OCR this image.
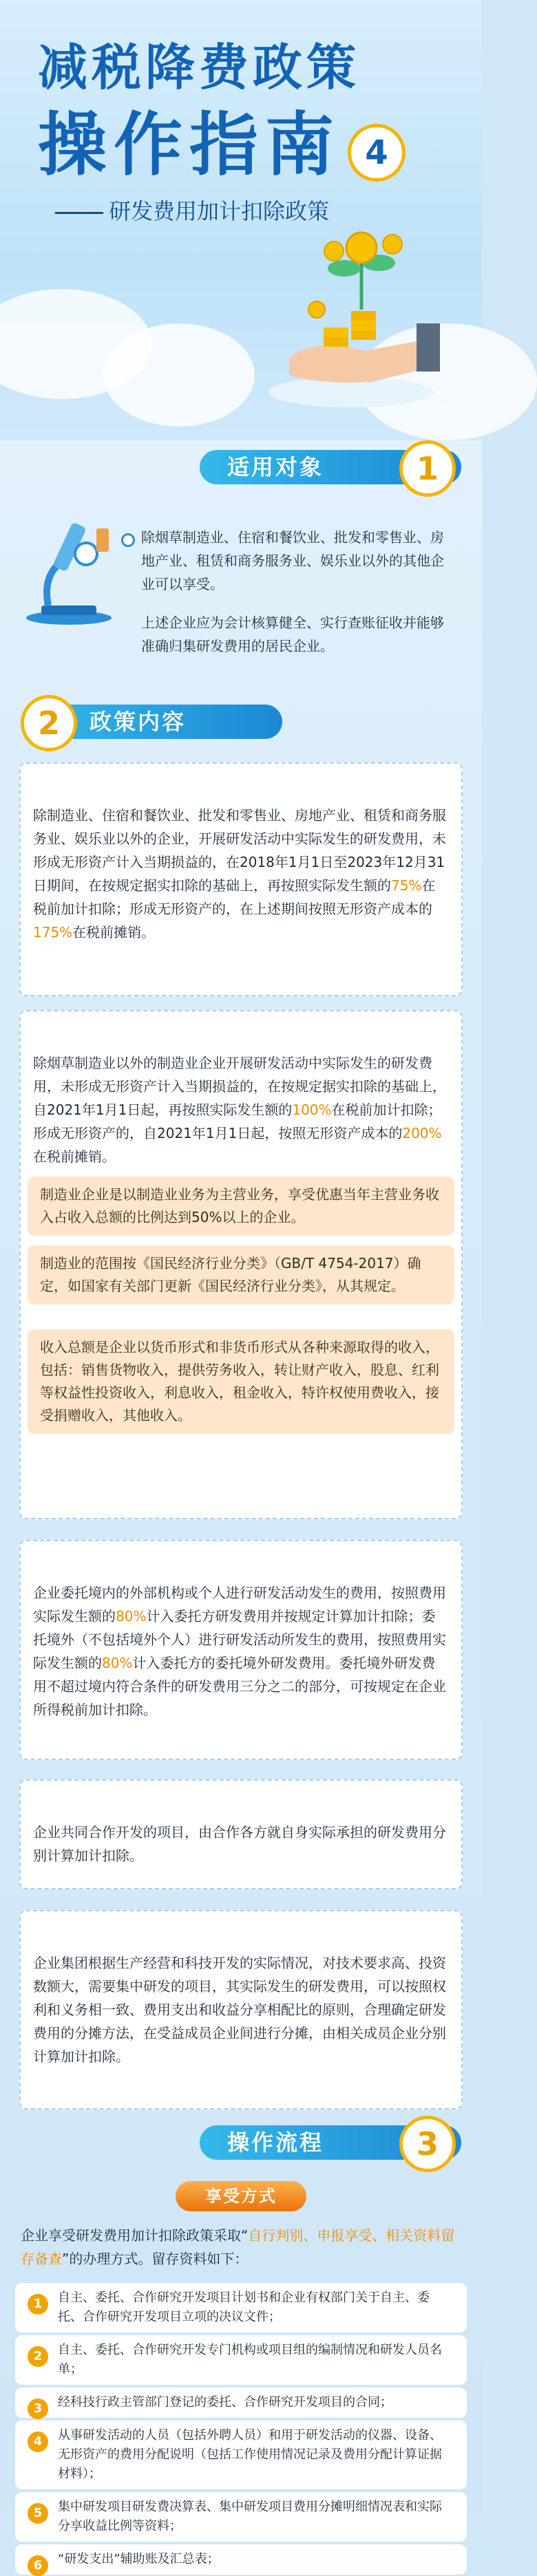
减税降费政策
操作指南 4
研发费用加计扣除政策
适用对象	1
除烟草制造业、住宿和餐饮业、批发和零售业、房地产业、租赁和商务服务业、娱乐业以外的其他企业可以享受。
上述企业应为会计核算健全、实行查账征收并能够准确归集研发费用的居民企业。
2	政策内容
除制造业、住宿和餐饮业、批发和零售业、房地产业、租赁和商务服务业、娱乐业以外的企业，开展研发活动中实际发生的研发费用，未形成无形资产计入当期损益的，在2018年1月1日至2023年12月31日期间，在按规定据实扣除的基础上，再按照实际发生额的75%在税前加计扣除；形成无形资产的，在上述期间按照无形资产成本的175%在税前摊销。
除烟草制造业以外的制造业企业开展研发活动中实际发生的研发费用，未形成无形资产计入当期损益的，在按规定据实扣除的基础上，自2021年1月1日起，再按照实际发生额的100%在税前加计扣除；形成无形资产的，自2021年1月1日起，按照无形资产成本的200%在税前摊销。
制造业企业是以制造业业务为主营业务，享受优惠当年主营业务收入占收入总额的比例达到50%以上的企业。
制造业的范围按《国民经济行业分类》（GB/T 4754-2017）确定，如国家有关部门更新《国民经济行业分类》，从其规定。
收入总额是企业以货币形式和非货币形式从各种来源取得的收入，包括：销售货物收入，提供劳务收入，转让财产收入，股息、红利等权益性投资收入，利息收入，租金收入，特许权使用费收入，接受捐赠收入，其他收入。
企业委托境内的外部机构或个人进行研发活动发生的费用，按照费用实际发生额的80%计入委托方研发费用并按规定计算加计扣除；委托境外（不包括境外个人）进行研发活动所发生的费用，按照费用实际发生额的80%计入委托方的委托境外研发费用。委托境外研发费用不超过境内符合条件的研发费用三分之二的部分，可按规定在企业所得税前加计扣除。
企业共同合作开发的项目，由合作各方就自身实际承担的研发费用分别计算加计扣除。
企业集团根据生产经营和科技开发的实际情况，对技术要求高、投资数额大，需要集中研发的项目，其实际发生的研发费用，可以按照权利和义务相一致、费用支出和收益分享相配比的原则，合理确定研发费用的分摊方法，在受益成员企业间进行分摊，由相关成员企业分别计算加计扣除。
操作流程	3
享受方式
企业享受研发费用加计扣除政策采取“自行判别、申报享受、相关资料留存备查”的办理方式。留存资料如下：
1	自主、委托、合作研究开发项目计划书和企业有权部门关于自主、委托、合作研究开发项目立项的决议文件；
2	自主、委托、合作研究开发专门机构或项目组的编制情况和研发人员名单；
3	经科技行政主管部门登记的委托、合作研究开发项目的合同；
4	从事研发活动的人员（包括外聘人员）和用于研发活动的仪器、设备、无形资产的费用分配说明（包括工作使用情况记录及费用分配计算证据材料）；
5	集中研发项目研发费决算表、集中研发项目费用分摊明细情况表和实际分享收益比例等资料；
6	“研发支出”辅助账及汇总表；
